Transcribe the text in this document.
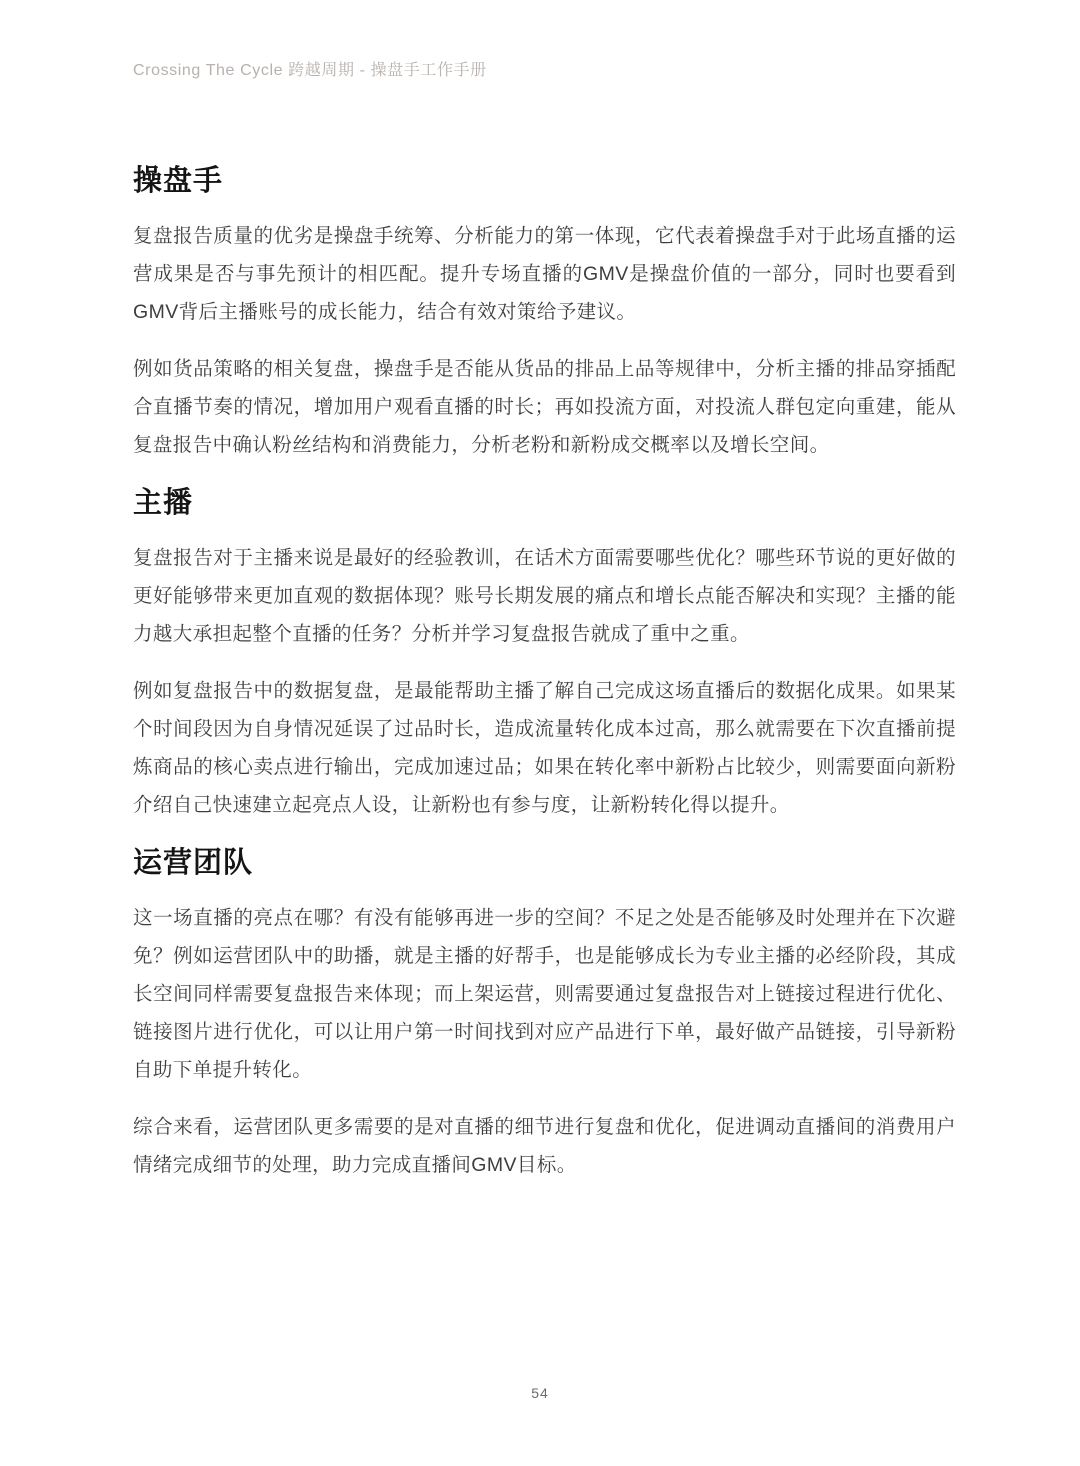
Crossing The Cycle 跨越周期 - 操盘手工作手册
操盘手

复盘报告质量的优劣是操盘手统筹、分析能力的第一体现，它代表着操盘手对于此场直播的运营成果是否与事先预计的相匹配。提升专场直播的GMV是操盘价值的一部分，同时也要看到GMV背后主播账号的成长能力，结合有效对策给予建议。

例如货品策略的相关复盘，操盘手是否能从货品的排品上品等规律中，分析主播的排品穿插配合直播节奏的情况，增加用户观看直播的时长；再如投流方面，对投流人群包定向重建，能从复盘报告中确认粉丝结构和消费能力，分析老粉和新粉成交概率以及增长空间。

主播

复盘报告对于主播来说是最好的经验教训，在话术方面需要哪些优化？哪些环节说的更好做的更好能够带来更加直观的数据体现？账号长期发展的痛点和增长点能否解决和实现？主播的能力越大承担起整个直播的任务？分析并学习复盘报告就成了重中之重。

例如复盘报告中的数据复盘，是最能帮助主播了解自己完成这场直播后的数据化成果。如果某个时间段因为自身情况延误了过品时长，造成流量转化成本过高，那么就需要在下次直播前提炼商品的核心卖点进行输出，完成加速过品；如果在转化率中新粉占比较少，则需要面向新粉介绍自己快速建立起亮点人设，让新粉也有参与度，让新粉转化得以提升。

运营团队

这一场直播的亮点在哪？有没有能够再进一步的空间？不足之处是否能够及时处理并在下次避免？例如运营团队中的助播，就是主播的好帮手，也是能够成长为专业主播的必经阶段，其成长空间同样需要复盘报告来体现；而上架运营，则需要通过复盘报告对上链接过程进行优化、链接图片进行优化，可以让用户第一时间找到对应产品进行下单，最好做产品链接，引导新粉自助下单提升转化。

综合来看，运营团队更多需要的是对直播的细节进行复盘和优化，促进调动直播间的消费用户情绪完成细节的处理，助力完成直播间GMV目标。

54
